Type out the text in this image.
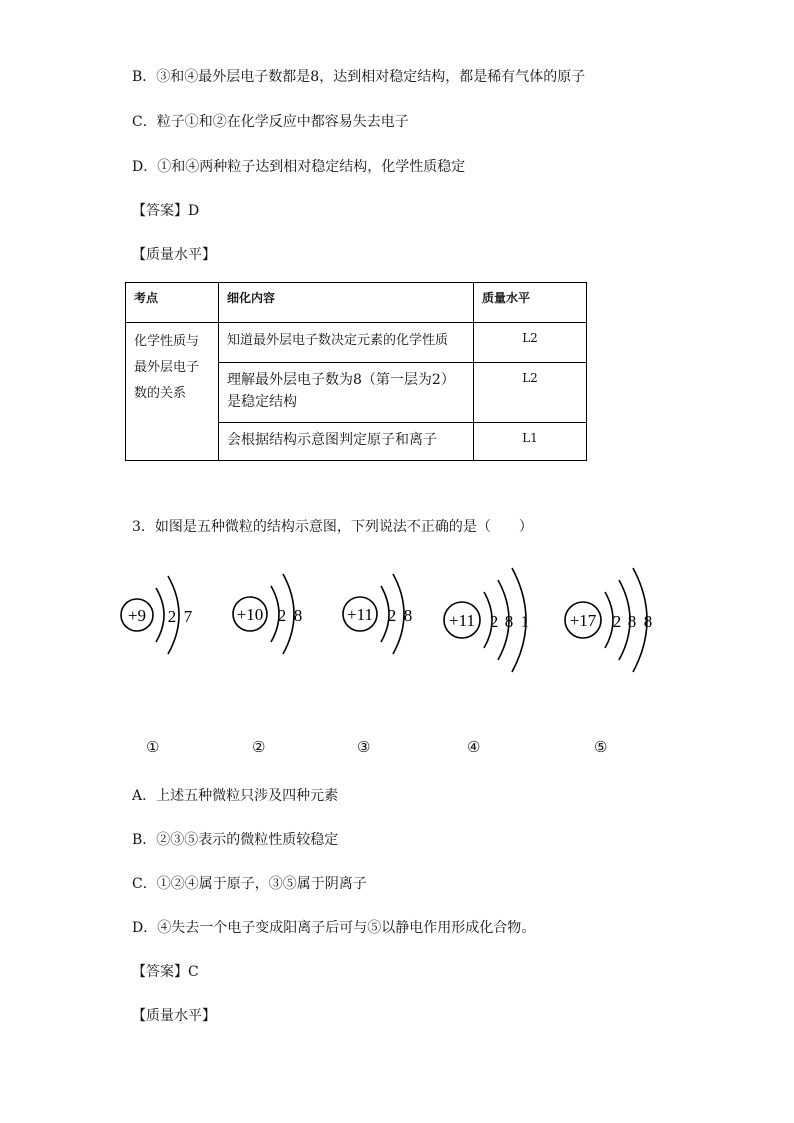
B．③和④最外层电子数都是8，达到相对稳定结构，都是稀有气体的原子
C．粒子①和②在化学反应中都容易失去电子
D．①和④两种粒子达到相对稳定结构，化学性质稳定
【答案】D
【质量水平】
考点	细化内容	质量水平

化学性质与
最外层电子
数的关系	知道最外层电子数决定元素的化学性质	L2

	理解最外层电子数为8（第一层为2）
是稳定结构	L2
	会根据结构示意图判定原子和离子	L1
3．如图是五种微粒的结构示意图，下列说法不正确的是（　　）
+9 2 7	+10 2 8	+11 2 8 +11 2 8 1 +17 2 8 8
①	②	③	④	⑤
A．上述五种微粒只涉及四种元素
B．②③⑤表示的微粒性质较稳定
C．①②④属于原子，③⑤属于阴离子
D．④失去一个电子变成阳离子后可与⑤以静电作用形成化合物。
【答案】C
【质量水平】
